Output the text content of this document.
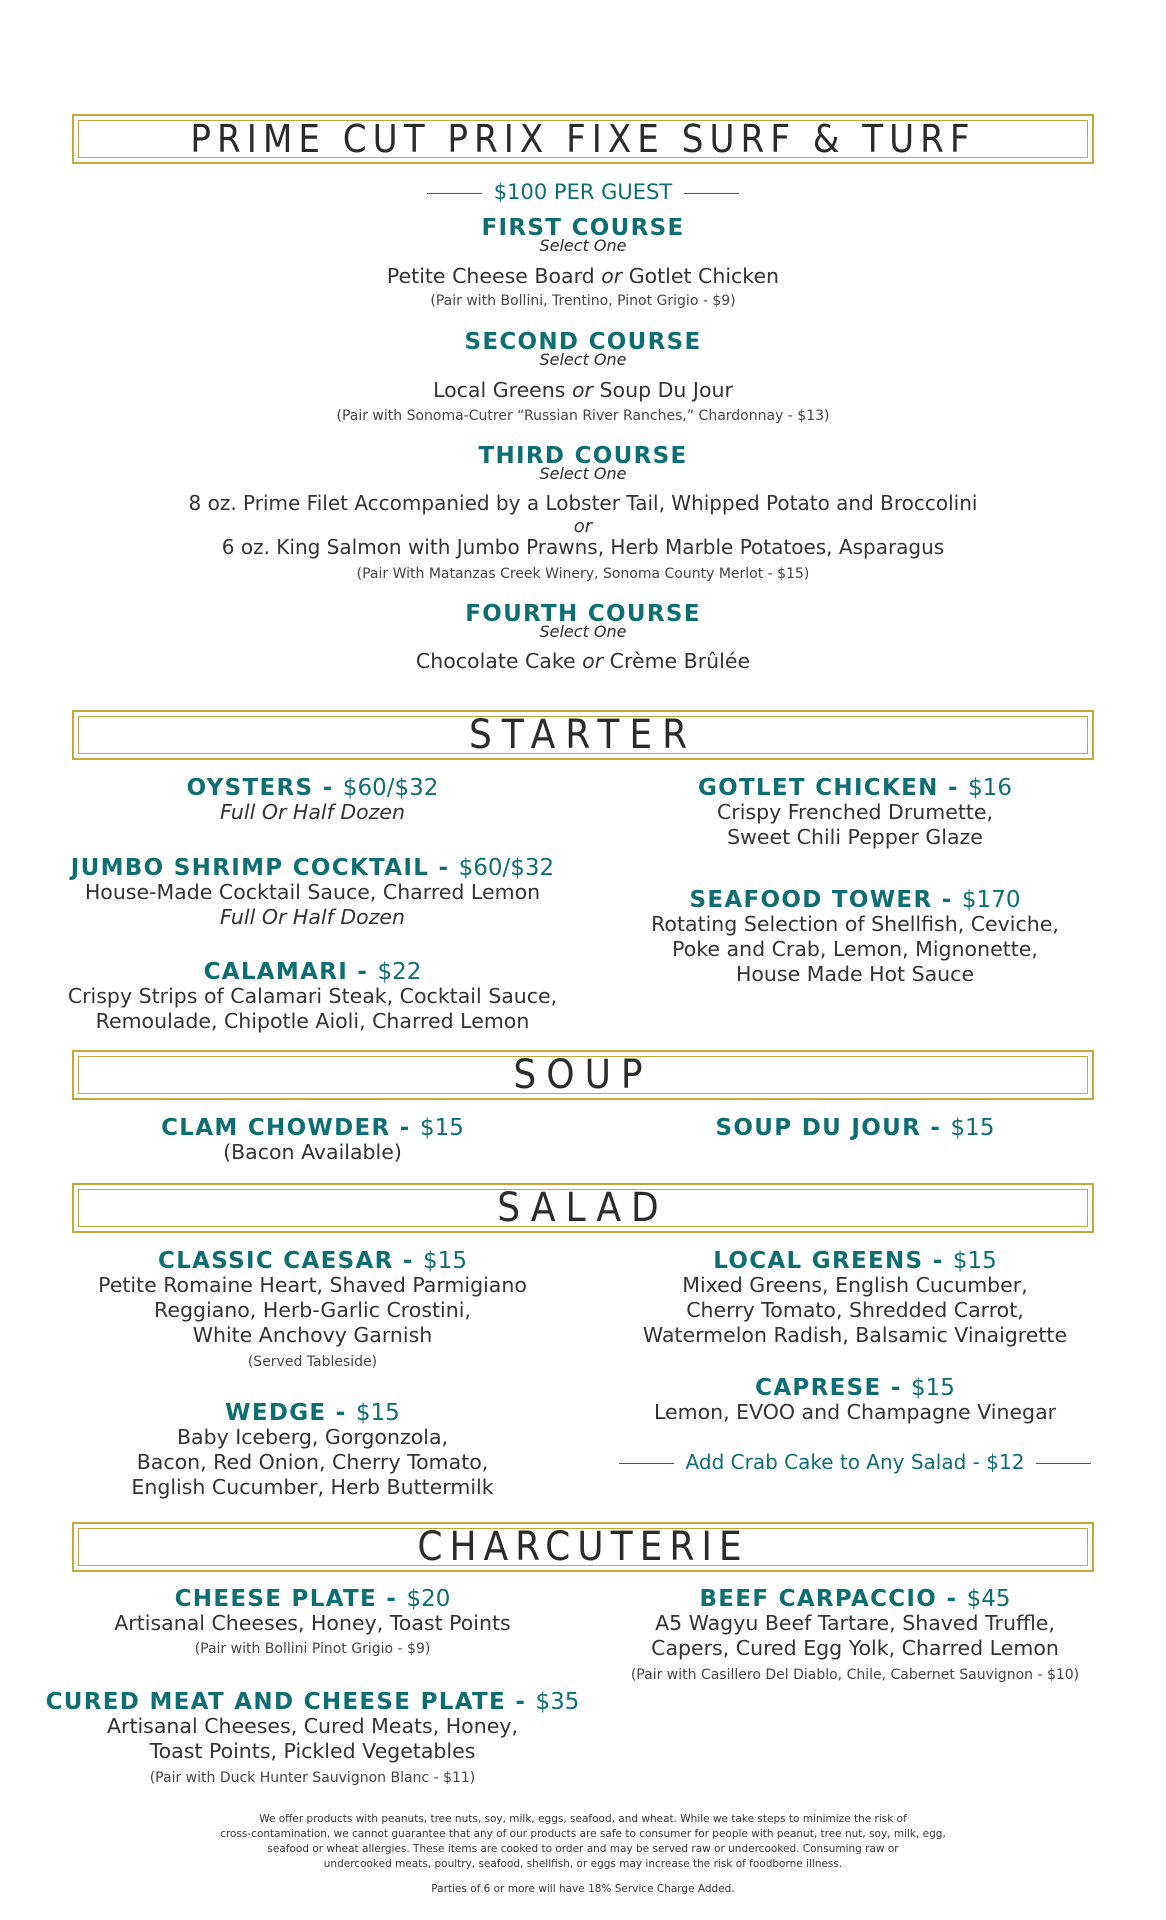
PRIME CUT PRIX FIXE SURF & TURF
$100 PER GUEST
FIRST COURSE
Select One
Petite Cheese Board or Gotlet Chicken
(Pair with Bollini, Trentino, Pinot Grigio - $9)
SECOND COURSE
Select One
Local Greens or Soup Du Jour
(Pair with Sonoma-Cutrer “Russian River Ranches,” Chardonnay - $13)
THIRD COURSE
Select One
8 oz. Prime Filet Accompanied by a Lobster Tail, Whipped Potato and Broccolini
or
6 oz. King Salmon with Jumbo Prawns, Herb Marble Potatoes, Asparagus
(Pair With Matanzas Creek Winery, Sonoma County Merlot - $15)
FOURTH COURSE
Select One
Chocolate Cake or Crème Brûlée
STARTER
OYSTERS - $60/$32
Full Or Half Dozen
JUMBO SHRIMP COCKTAIL - $60/$32
House-Made Cocktail Sauce, Charred Lemon
Full Or Half Dozen
CALAMARI - $22
Crispy Strips of Calamari Steak, Cocktail Sauce,
Remoulade, Chipotle Aioli, Charred Lemon
GOTLET CHICKEN - $16
Crispy Frenched Drumette,
Sweet Chili Pepper Glaze
SEAFOOD TOWER - $170
Rotating Selection of Shellfish, Ceviche,
Poke and Crab, Lemon, Mignonette,
House Made Hot Sauce
SOUP
CLAM CHOWDER - $15
(Bacon Available)
SOUP DU JOUR - $15
SALAD
CLASSIC CAESAR - $15
Petite Romaine Heart, Shaved Parmigiano
Reggiano, Herb-Garlic Crostini,
White Anchovy Garnish
(Served Tableside)
WEDGE - $15
Baby Iceberg, Gorgonzola,
Bacon, Red Onion, Cherry Tomato,
English Cucumber, Herb Buttermilk
LOCAL GREENS - $15
Mixed Greens, English Cucumber,
Cherry Tomato, Shredded Carrot,
Watermelon Radish, Balsamic Vinaigrette
CAPRESE - $15
Lemon, EVOO and Champagne Vinegar
Add Crab Cake to Any Salad - $12
CHARCUTERIE
CHEESE PLATE - $20
Artisanal Cheeses, Honey, Toast Points
(Pair with Bollini Pinot Grigio - $9)
CURED MEAT AND CHEESE PLATE - $35
Artisanal Cheeses, Cured Meats, Honey,
Toast Points, Pickled Vegetables
(Pair with Duck Hunter Sauvignon Blanc - $11)
BEEF CARPACCIO - $45
A5 Wagyu Beef Tartare, Shaved Truffle,
Capers, Cured Egg Yolk, Charred Lemon
(Pair with Casillero Del Diablo, Chile, Cabernet Sauvignon - $10)
We offer products with peanuts, tree nuts, soy, milk, eggs, seafood, and wheat. While we take steps to minimize the risk of
cross-contamination, we cannot guarantee that any of our products are safe to consumer for people with peanut, tree nut, soy, milk, egg,
seafood or wheat allergies. These items are cooked to order and may be served raw or undercooked. Consuming raw or
undercooked meats, poultry, seafood, shellfish, or eggs may increase the risk of foodborne illness.
Parties of 6 or more will have 18% Service Charge Added.
